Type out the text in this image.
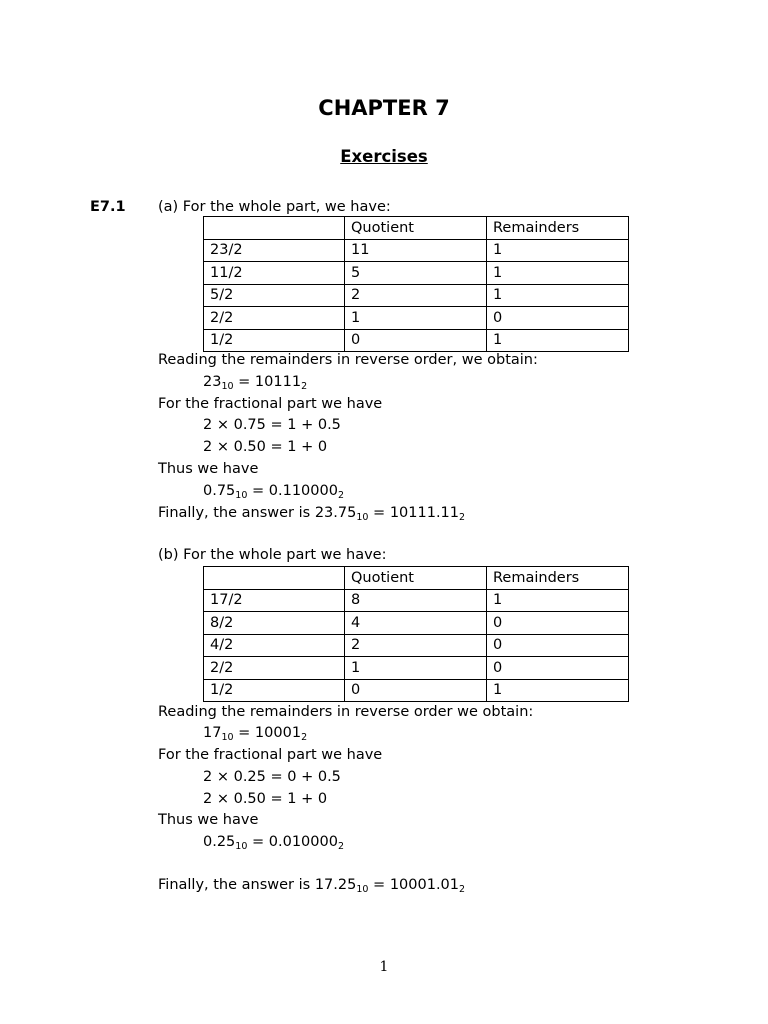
CHAPTER 7
Exercises
E7.1 (a) For the whole part, we have:
	Quotient	Remainders
23/2	11	1
11/2	5	1
5/2	2	1
2/2	1	0
1/2	0	1
Reading the remainders in reverse order, we obtain:
$23_{10} = 10111_2$
For the fractional part we have
2 × 0.75 = 1 + 0.5
2 × 0.50 = 1 + 0
Thus we have
$0.75_{10} = 0.110000_2$
Finally, the answer is $23.75_{10} = 10111.11_2$
(b) For the whole part we have:
	Quotient	Remainders
17/2	8	1
8/2	4	0
4/2	2	0
2/2	1	0
1/2	0	1
Reading the remainders in reverse order we obtain:
$17_{10} = 10001_2$
For the fractional part we have
2 × 0.25 = 0 + 0.5
2 × 0.50 = 1 + 0
Thus we have
$0.25_{10} = 0.010000_2$
Finally, the answer is $17.25_{10} = 10001.01_2$
1
